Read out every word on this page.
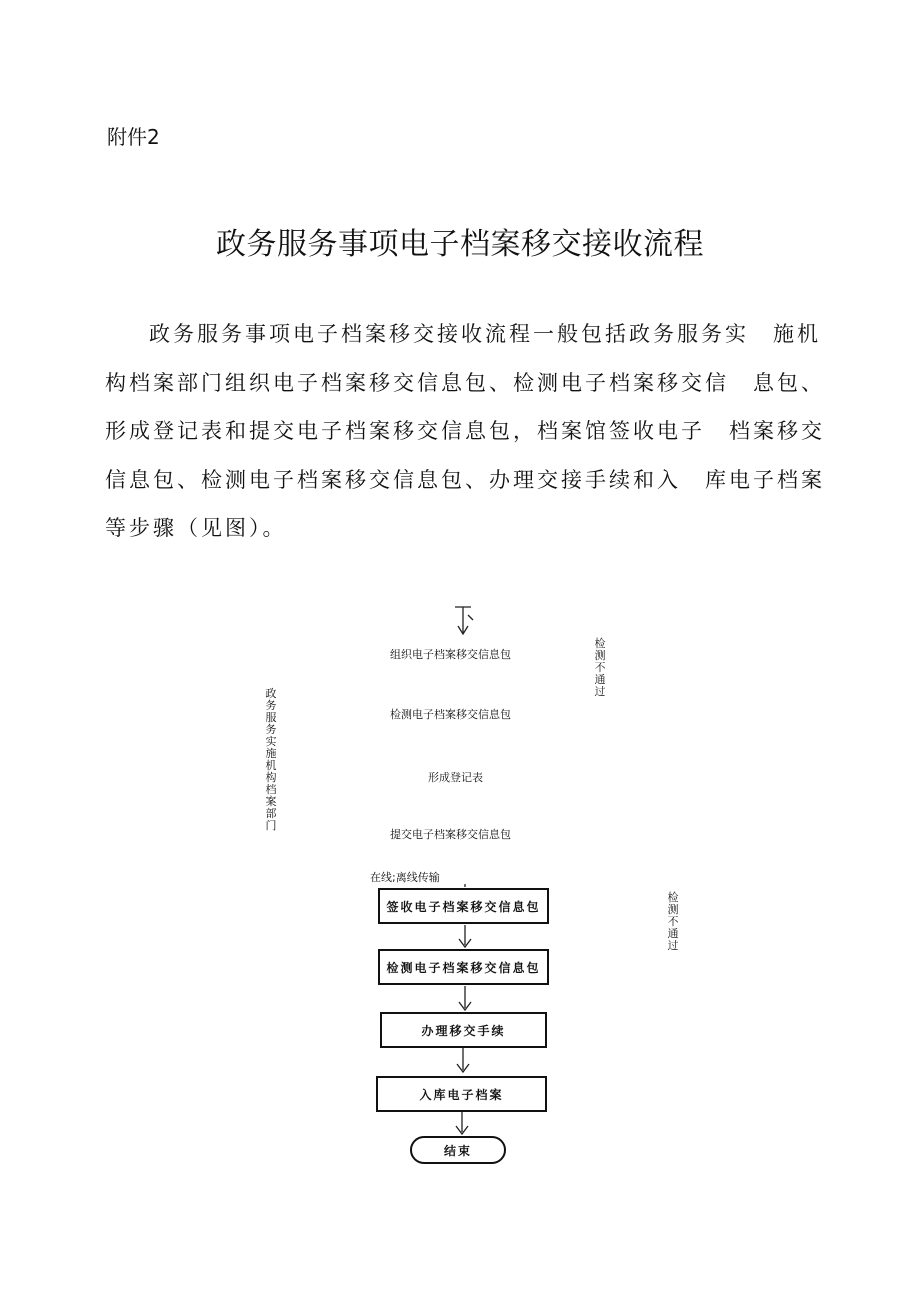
附件2
政务服务事项电子档案移交接收流程

政务服务事项电子档案移交接收流程一般包括政务服务实　施机构档案部门组织电子档案移交信息包、检测电子档案移交信　息包、形成登记表和提交电子档案移交信息包，档案馆签收电子　档案移交信息包、检测电子档案移交信息包、办理交接手续和入　库电子档案等步骤（见图）。

组织电子档案移交信息包
检测电子档案移交信息包
形成登记表
提交电子档案移交信息包
政务服务实施机构档案部门
检测不通过
检测不通过
在线;离线传输
签收电子档案移交信息包
检测电子档案移交信息包
办理移交手续
入库电子档案
结束
